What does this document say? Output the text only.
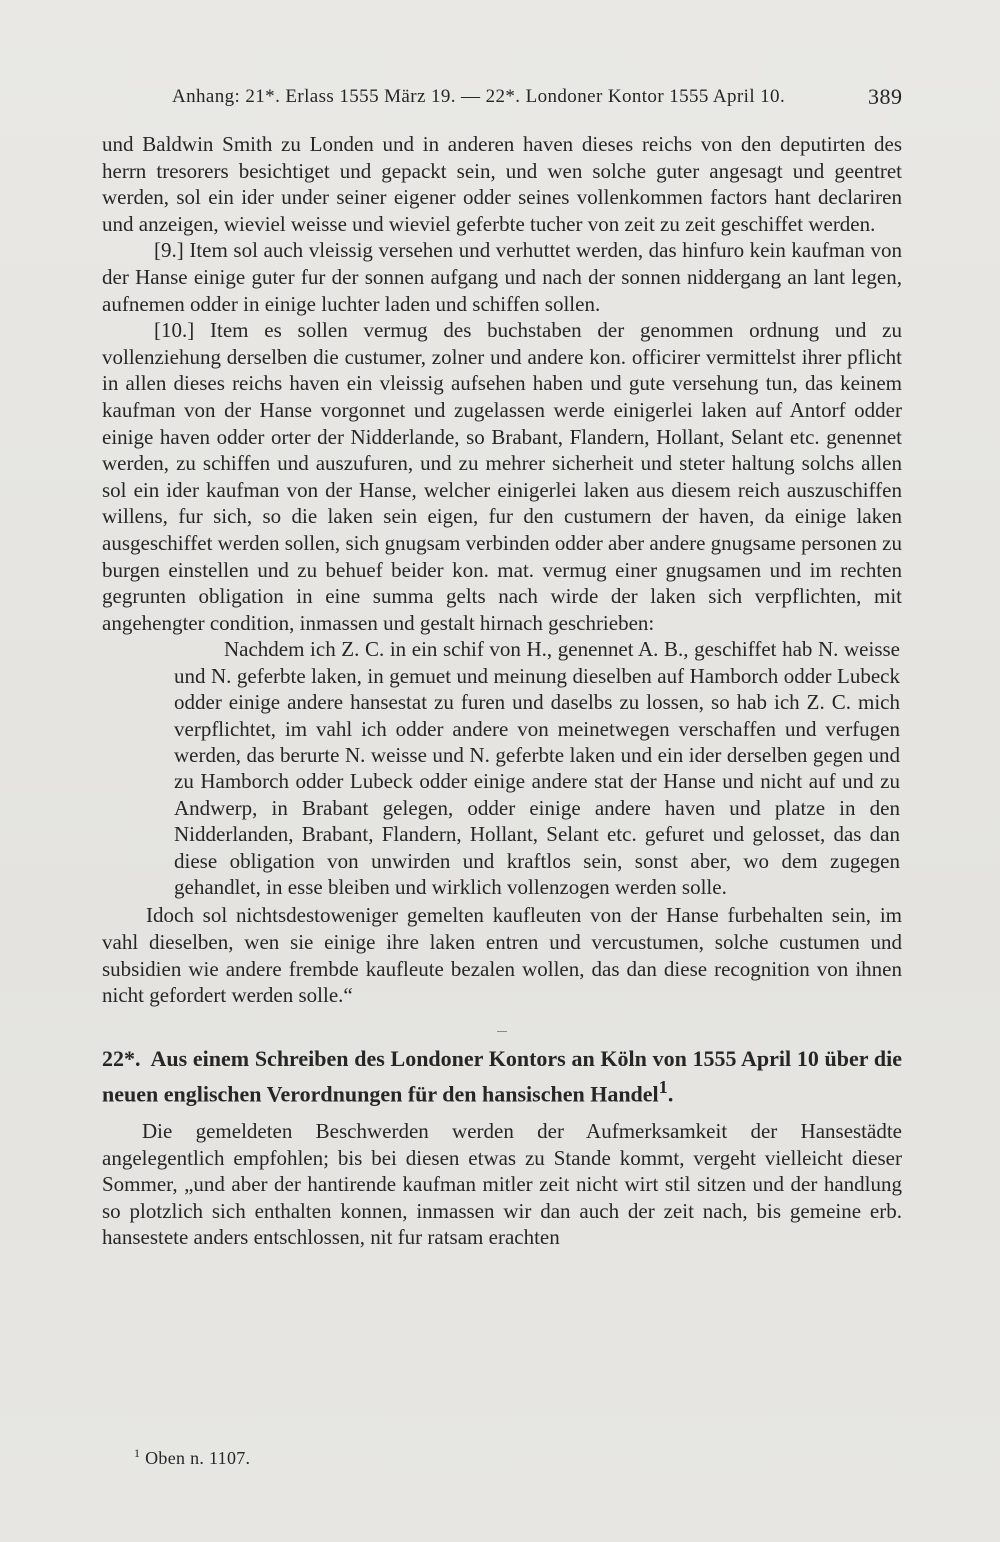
Anhang: 21*. Erlass 1555 März 19. — 22*. Londoner Kontor 1555 April 10.	389

und Baldwin Smith zu Londen und in anderen haven dieses reichs von den deputirten des herrn tresorers besichtiget und gepackt sein, und wen solche guter angesagt und geentret werden, sol ein ider under seiner eigener odder seines vollenkommen factors hant declariren und anzeigen, wieviel weisse und wieviel geferbte tucher von zeit zu zeit geschiffet werden.

[9.] Item sol auch vleissig versehen und verhuttet werden, das hinfuro kein kaufman von der Hanse einige guter fur der sonnen aufgang und nach der sonnen niddergang an lant legen, aufnemen odder in einige luchter laden und schiffen sollen.

[10.] Item es sollen vermug des buchstaben der genommen ordnung und zu vollenziehung derselben die custumer, zolner und andere kon. officirer vermittelst ihrer pflicht in allen dieses reichs haven ein vleissig aufsehen haben und gute versehung tun, das keinem kaufman von der Hanse vorgonnet und zugelassen werde einigerlei laken auf Antorf odder einige haven odder orter der Nidderlande, so Brabant, Flandern, Hollant, Selant etc. genennet werden, zu schiffen und auszufuren, und zu mehrer sicherheit und steter haltung solchs allen sol ein ider kaufman von der Hanse, welcher einigerlei laken aus diesem reich auszuschiffen willens, fur sich, so die laken sein eigen, fur den custumern der haven, da einige laken ausgeschiffet werden sollen, sich gnugsam verbinden odder aber andere gnugsame personen zu burgen einstellen und zu behuef beider kon. mat. vermug einer gnugsamen und im rechten gegrunten obligation in eine summa gelts nach wirde der laken sich verpflichten, mit angehengter condition, inmassen und gestalt hirnach geschrieben:

Nachdem ich Z. C. in ein schif von H., genennet A. B., geschiffet hab N. weisse und N. geferbte laken, in gemuet und meinung dieselben auf Hamborch odder Lubeck odder einige andere hansestat zu furen und daselbs zu lossen, so hab ich Z. C. mich verpflichtet, im vahl ich odder andere von meinetwegen verschaffen und verfugen werden, das berurte N. weisse und N. geferbte laken und ein ider derselben gegen und zu Hamborch odder Lubeck odder einige andere stat der Hanse und nicht auf und zu Andwerp, in Brabant gelegen, odder einige andere haven und platze in den Nidderlanden, Brabant, Flandern, Hollant, Selant etc. gefuret und gelosset, das dan diese obligation von unwirden und kraftlos sein, sonst aber, wo dem zugegen gehandlet, in esse bleiben und wirklich vollenzogen werden solle.

Idoch sol nichtsdestoweniger gemelten kaufleuten von der Hanse furbehalten sein, im vahl dieselben, wen sie einige ihre laken entren und vercustumen, solche custumen und subsidien wie andere frembde kaufleute bezalen wollen, das dan diese recognition von ihnen nicht gefordert werden solle.“

22*. Aus einem Schreiben des Londoner Kontors an Köln von 1555 April 10 über die neuen englischen Verordnungen für den hansischen Handel$^1$.

Die gemeldeten Beschwerden werden der Aufmerksamkeit der Hansestädte angelegentlich empfohlen; bis bei diesen etwas zu Stande kommt, vergeht vielleicht dieser Sommer, „und aber der hantirende kaufman mitler zeit nicht wirt stil sitzen und der handlung so plotzlich sich enthalten konnen, inmassen wir dan auch der zeit nach, bis gemeine erb. hansestete anders entschlossen, nit fur ratsam erachten

$^1$ Oben n. 1107.
